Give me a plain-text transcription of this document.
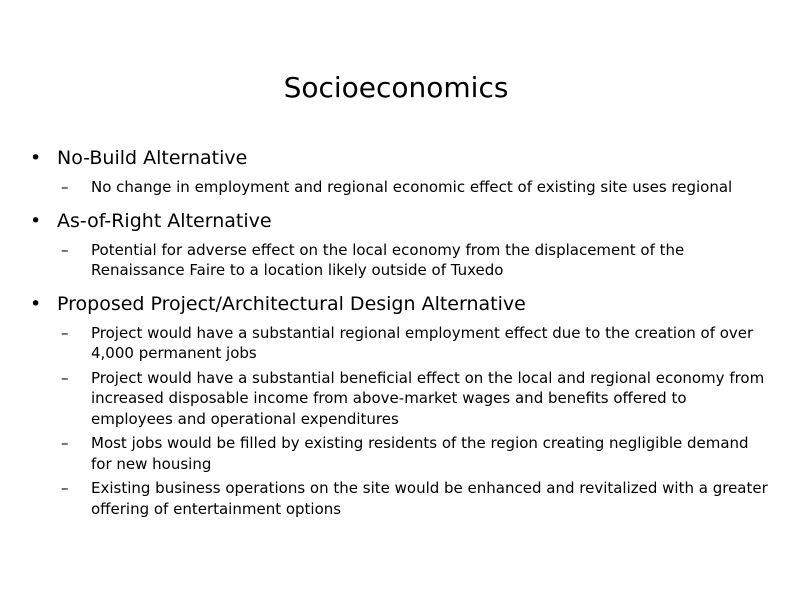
Socioeconomics
• No-Build Alternative
– No change in employment and regional economic effect of existing site uses regional
• As-of-Right Alternative
– Potential for adverse effect on the local economy from the displacement of the Renaissance Faire to a location likely outside of Tuxedo
• Proposed Project/Architectural Design Alternative
– Project would have a substantial regional employment effect due to the creation of over 4,000 permanent jobs
– Project would have a substantial beneficial effect on the local and regional economy from increased disposable income from above-market wages and benefits offered to employees and operational expenditures
– Most jobs would be filled by existing residents of the region creating negligible demand for new housing
– Existing business operations on the site would be enhanced and revitalized with a greater offering of entertainment options
